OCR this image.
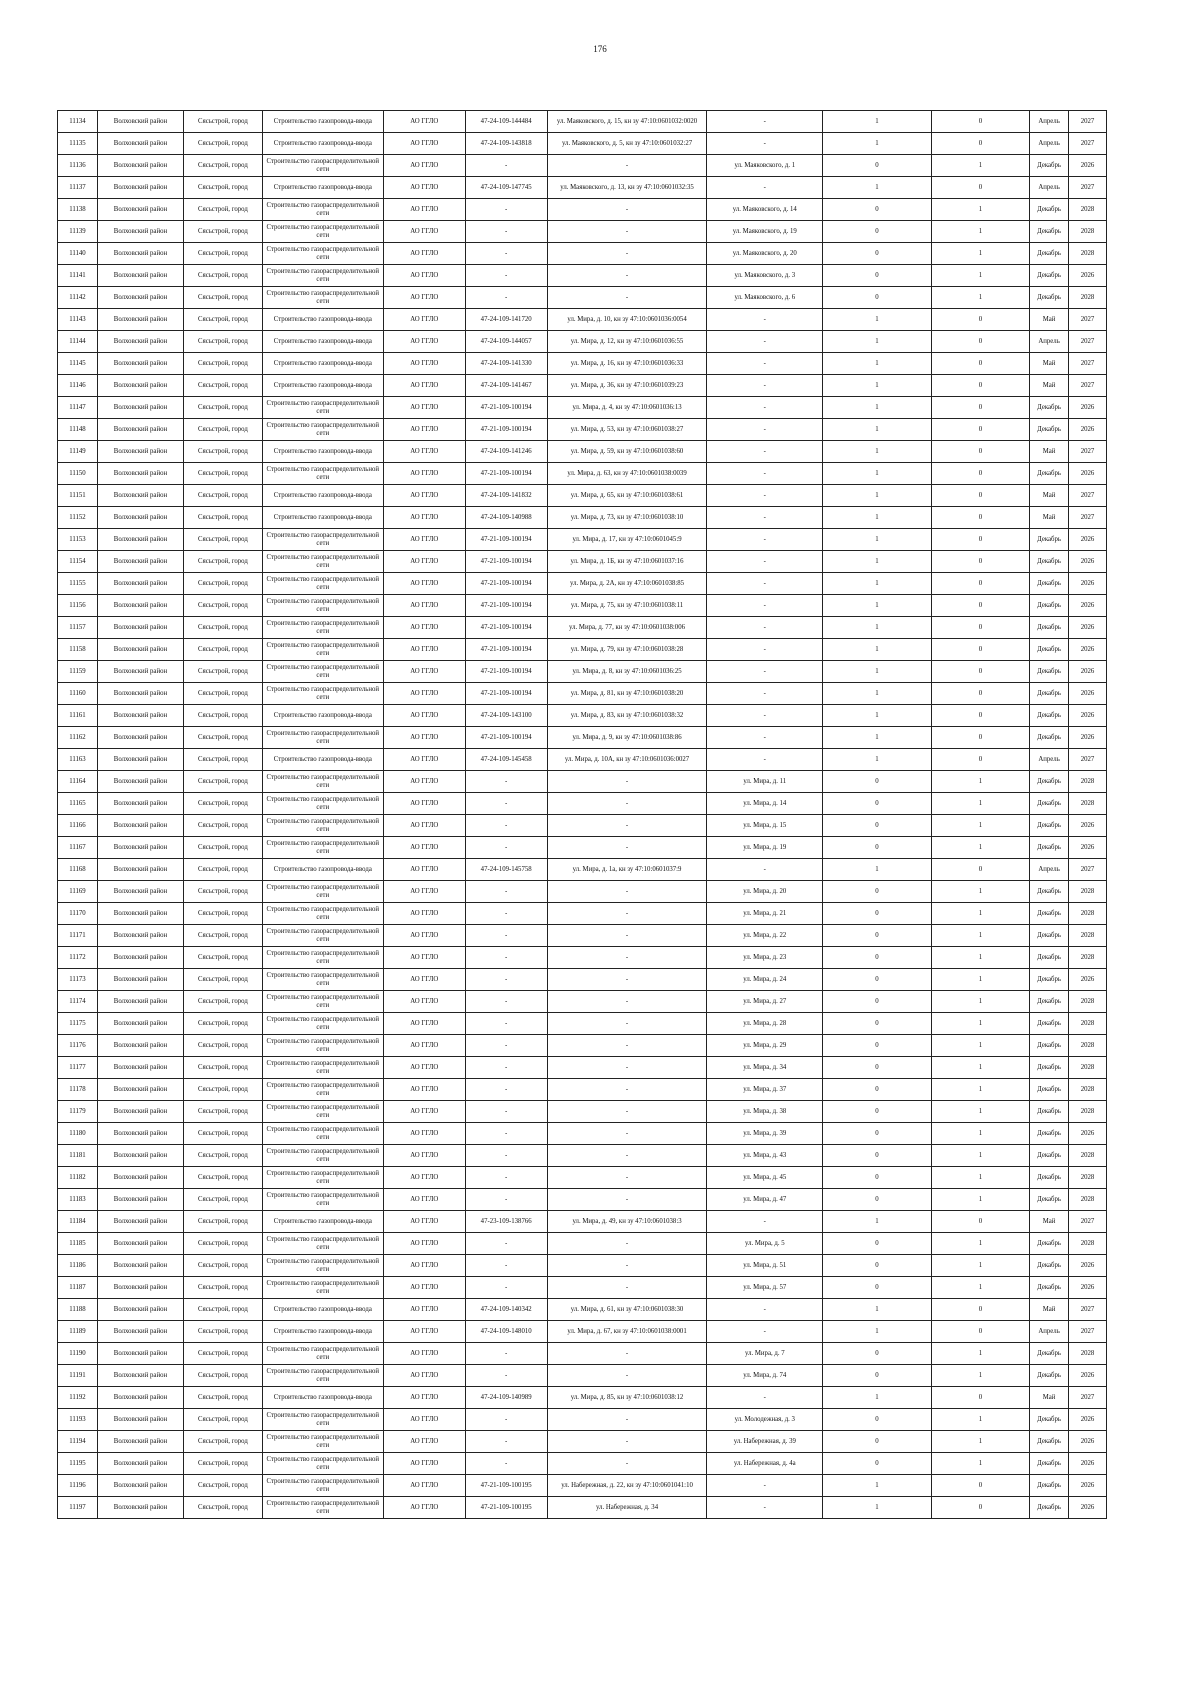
176
11134	Волховский район	Сясьстрой, город	Строительство газопровода-ввода	АО ГГЛО	47-24-109-144484	ул. Маяковского, д. 15, кн зу 47:10:0601032:0020	-	1	0	Апрель	2027
11135	Волховский район	Сясьстрой, город	Строительство газопровода-ввода	АО ГГЛО	47-24-109-143818	ул. Маяковского, д. 5, кн зу 47:10:0601032:27	-	1	0	Апрель	2027
11136	Волховский район	Сясьстрой, город	Строительство газораспределительной сети	АО ГГЛО	-	-	ул. Маяковского, д. 1	0	1	Декабрь	2026
11137	Волховский район	Сясьстрой, город	Строительство газопровода-ввода	АО ГГЛО	47-24-109-147745	ул. Маяковского, д. 13, кн зу 47:10:0601032:35	-	1	0	Апрель	2027
11138	Волховский район	Сясьстрой, город	Строительство газораспределительной сети	АО ГГЛО	-	-	ул. Маяковского, д. 14	0	1	Декабрь	2028
11139	Волховский район	Сясьстрой, город	Строительство газораспределительной сети	АО ГГЛО	-	-	ул. Маяковского, д. 19	0	1	Декабрь	2028
11140	Волховский район	Сясьстрой, город	Строительство газораспределительной сети	АО ГГЛО	-	-	ул. Маяковского, д. 20	0	1	Декабрь	2028
11141	Волховский район	Сясьстрой, город	Строительство газораспределительной сети	АО ГГЛО	-	-	ул. Маяковского, д. 3	0	1	Декабрь	2026
11142	Волховский район	Сясьстрой, город	Строительство газораспределительной сети	АО ГГЛО	-	-	ул. Маяковского, д. 6	0	1	Декабрь	2028
11143	Волховский район	Сясьстрой, город	Строительство газопровода-ввода	АО ГГЛО	47-24-109-141720	ул. Мира, д. 10, кн зу 47:10:0601036:0054	-	1	0	Май	2027
11144	Волховский район	Сясьстрой, город	Строительство газопровода-ввода	АО ГГЛО	47-24-109-144057	ул. Мира, д. 12, кн зу 47:10:0601036:55	-	1	0	Апрель	2027
11145	Волховский район	Сясьстрой, город	Строительство газопровода-ввода	АО ГГЛО	47-24-109-141330	ул. Мира, д. 16, кн зу 47:10:0601036:33	-	1	0	Май	2027
11146	Волховский район	Сясьстрой, город	Строительство газопровода-ввода	АО ГГЛО	47-24-109-141467	ул. Мира, д. 36, кн зу 47:10:0601039:23	-	1	0	Май	2027
11147	Волховский район	Сясьстрой, город	Строительство газораспределительной сети	АО ГГЛО	47-21-109-100194	ул. Мира, д. 4, кн зу 47:10:0601036:13	-	1	0	Декабрь	2026
11148	Волховский район	Сясьстрой, город	Строительство газораспределительной сети	АО ГГЛО	47-21-109-100194	ул. Мира, д. 53, кн зу 47:10:0601038:27	-	1	0	Декабрь	2026
11149	Волховский район	Сясьстрой, город	Строительство газопровода-ввода	АО ГГЛО	47-24-109-141246	ул. Мира, д. 59, кн зу 47:10:0601038:60	-	1	0	Май	2027
11150	Волховский район	Сясьстрой, город	Строительство газораспределительной сети	АО ГГЛО	47-21-109-100194	ул. Мира, д. 63, кн зу 47:10:0601038:0039	-	1	0	Декабрь	2026
11151	Волховский район	Сясьстрой, город	Строительство газопровода-ввода	АО ГГЛО	47-24-109-141832	ул. Мира, д. 65, кн зу 47:10:0601038:61	-	1	0	Май	2027
11152	Волховский район	Сясьстрой, город	Строительство газопровода-ввода	АО ГГЛО	47-24-109-140988	ул. Мира, д. 73, кн зу 47:10:0601038:10	-	1	0	Май	2027
11153	Волховский район	Сясьстрой, город	Строительство газораспределительной сети	АО ГГЛО	47-21-109-100194	ул. Мира, д. 17, кн зу 47:10:0601045:9	-	1	0	Декабрь	2026
11154	Волховский район	Сясьстрой, город	Строительство газораспределительной сети	АО ГГЛО	47-21-109-100194	ул. Мира, д. 1Б, кн зу 47:10:0601037:16	-	1	0	Декабрь	2026
11155	Волховский район	Сясьстрой, город	Строительство газораспределительной сети	АО ГГЛО	47-21-109-100194	ул. Мира, д. 2А, кн зу 47:10:0601038:85	-	1	0	Декабрь	2026
11156	Волховский район	Сясьстрой, город	Строительство газораспределительной сети	АО ГГЛО	47-21-109-100194	ул. Мира, д. 75, кн зу 47:10:0601038:11	-	1	0	Декабрь	2026
11157	Волховский район	Сясьстрой, город	Строительство газораспределительной сети	АО ГГЛО	47-21-109-100194	ул. Мира, д. 77, кн зу 47:10:0601038:006	-	1	0	Декабрь	2026
11158	Волховский район	Сясьстрой, город	Строительство газораспределительной сети	АО ГГЛО	47-21-109-100194	ул. Мира, д. 79, кн зу 47:10:0601038:28	-	1	0	Декабрь	2026
11159	Волховский район	Сясьстрой, город	Строительство газораспределительной сети	АО ГГЛО	47-21-109-100194	ул. Мира, д. 8, кн зу 47:10:0601036:25	-	1	0	Декабрь	2026
11160	Волховский район	Сясьстрой, город	Строительство газораспределительной сети	АО ГГЛО	47-21-109-100194	ул. Мира, д. 81, кн зу 47:10:0601038:20	-	1	0	Декабрь	2026
11161	Волховский район	Сясьстрой, город	Строительство газопровода-ввода	АО ГГЛО	47-24-109-143100	ул. Мира, д. 83, кн зу 47:10:0601038:32	-	1	0	Декабрь	2026
11162	Волховский район	Сясьстрой, город	Строительство газораспределительной сети	АО ГГЛО	47-21-109-100194	ул. Мира, д. 9, кн зу 47:10:0601038:86	-	1	0	Декабрь	2026
11163	Волховский район	Сясьстрой, город	Строительство газопровода-ввода	АО ГГЛО	47-24-109-145458	ул. Мира, д. 10А, кн зу 47:10:0601036:0027	-	1	0	Апрель	2027
11164	Волховский район	Сясьстрой, город	Строительство газораспределительной сети	АО ГГЛО	-	-	ул. Мира, д. 11	0	1	Декабрь	2028
11165	Волховский район	Сясьстрой, город	Строительство газораспределительной сети	АО ГГЛО	-	-	ул. Мира, д. 14	0	1	Декабрь	2028
11166	Волховский район	Сясьстрой, город	Строительство газораспределительной сети	АО ГГЛО	-	-	ул. Мира, д. 15	0	1	Декабрь	2026
11167	Волховский район	Сясьстрой, город	Строительство газораспределительной сети	АО ГГЛО	-	-	ул. Мира, д. 19	0	1	Декабрь	2026
11168	Волховский район	Сясьстрой, город	Строительство газопровода-ввода	АО ГГЛО	47-24-109-145758	ул. Мира, д. 1а, кн зу 47:10:0601037:9	-	1	0	Апрель	2027
11169	Волховский район	Сясьстрой, город	Строительство газораспределительной сети	АО ГГЛО	-	-	ул. Мира, д. 20	0	1	Декабрь	2028
11170	Волховский район	Сясьстрой, город	Строительство газораспределительной сети	АО ГГЛО	-	-	ул. Мира, д. 21	0	1	Декабрь	2028
11171	Волховский район	Сясьстрой, город	Строительство газораспределительной сети	АО ГГЛО	-	-	ул. Мира, д. 22	0	1	Декабрь	2028
11172	Волховский район	Сясьстрой, город	Строительство газораспределительной сети	АО ГГЛО	-	-	ул. Мира, д. 23	0	1	Декабрь	2028
11173	Волховский район	Сясьстрой, город	Строительство газораспределительной сети	АО ГГЛО	-	-	ул. Мира, д. 24	0	1	Декабрь	2026
11174	Волховский район	Сясьстрой, город	Строительство газораспределительной сети	АО ГГЛО	-	-	ул. Мира, д. 27	0	1	Декабрь	2028
11175	Волховский район	Сясьстрой, город	Строительство газораспределительной сети	АО ГГЛО	-	-	ул. Мира, д. 28	0	1	Декабрь	2028
11176	Волховский район	Сясьстрой, город	Строительство газораспределительной сети	АО ГГЛО	-	-	ул. Мира, д. 29	0	1	Декабрь	2028
11177	Волховский район	Сясьстрой, город	Строительство газораспределительной сети	АО ГГЛО	-	-	ул. Мира, д. 34	0	1	Декабрь	2028
11178	Волховский район	Сясьстрой, город	Строительство газораспределительной сети	АО ГГЛО	-	-	ул. Мира, д. 37	0	1	Декабрь	2028
11179	Волховский район	Сясьстрой, город	Строительство газораспределительной сети	АО ГГЛО	-	-	ул. Мира, д. 38	0	1	Декабрь	2028
11180	Волховский район	Сясьстрой, город	Строительство газораспределительной сети	АО ГГЛО	-	-	ул. Мира, д. 39	0	1	Декабрь	2026
11181	Волховский район	Сясьстрой, город	Строительство газораспределительной сети	АО ГГЛО	-	-	ул. Мира, д. 43	0	1	Декабрь	2028
11182	Волховский район	Сясьстрой, город	Строительство газораспределительной сети	АО ГГЛО	-	-	ул. Мира, д. 45	0	1	Декабрь	2028
11183	Волховский район	Сясьстрой, город	Строительство газораспределительной сети	АО ГГЛО	-	-	ул. Мира, д. 47	0	1	Декабрь	2028
11184	Волховский район	Сясьстрой, город	Строительство газопровода-ввода	АО ГГЛО	47-23-109-138766	ул. Мира, д. 49, кн зу 47:10:0601038:3	-	1	0	Май	2027
11185	Волховский район	Сясьстрой, город	Строительство газораспределительной сети	АО ГГЛО	-	-	ул. Мира, д. 5	0	1	Декабрь	2028
11186	Волховский район	Сясьстрой, город	Строительство газораспределительной сети	АО ГГЛО	-	-	ул. Мира, д. 51	0	1	Декабрь	2026
11187	Волховский район	Сясьстрой, город	Строительство газораспределительной сети	АО ГГЛО	-	-	ул. Мира, д. 57	0	1	Декабрь	2026
11188	Волховский район	Сясьстрой, город	Строительство газопровода-ввода	АО ГГЛО	47-24-109-140342	ул. Мира, д. 61, кн зу 47:10:0601038:30	-	1	0	Май	2027
11189	Волховский район	Сясьстрой, город	Строительство газопровода-ввода	АО ГГЛО	47-24-109-148010	ул. Мира, д. 67, кн зу 47:10:0601038:0001	-	1	0	Апрель	2027
11190	Волховский район	Сясьстрой, город	Строительство газораспределительной сети	АО ГГЛО	-	-	ул. Мира, д. 7	0	1	Декабрь	2028
11191	Волховский район	Сясьстрой, город	Строительство газораспределительной сети	АО ГГЛО	-	-	ул. Мира, д. 74	0	1	Декабрь	2026
11192	Волховский район	Сясьстрой, город	Строительство газопровода-ввода	АО ГГЛО	47-24-109-140989	ул. Мира, д. 85, кн зу 47:10:0601038:12	-	1	0	Май	2027
11193	Волховский район	Сясьстрой, город	Строительство газораспределительной сети	АО ГГЛО	-	-	ул. Молодежная, д. 3	0	1	Декабрь	2026
11194	Волховский район	Сясьстрой, город	Строительство газораспределительной сети	АО ГГЛО	-	-	ул. Набережная, д. 39	0	1	Декабрь	2026
11195	Волховский район	Сясьстрой, город	Строительство газораспределительной сети	АО ГГЛО	-	-	ул. Набережная, д. 4а	0	1	Декабрь	2026
11196	Волховский район	Сясьстрой, город	Строительство газораспределительной сети	АО ГГЛО	47-21-109-100195	ул. Набережная, д. 22, кн зу 47:10:0601041:10	-	1	0	Декабрь	2026
11197	Волховский район	Сясьстрой, город	Строительство газораспределительной сети	АО ГГЛО	47-21-109-100195	ул. Набережная, д. 34	-	1	0	Декабрь	2026
